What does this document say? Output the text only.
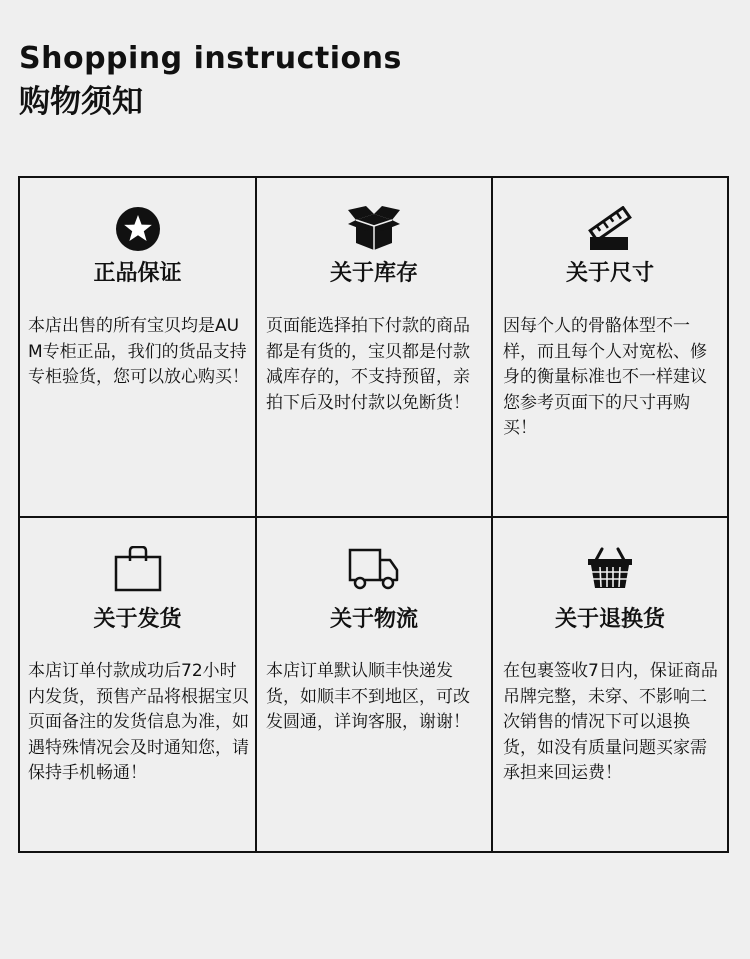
Shopping instructions
购物须知
正品保证
本店出售的所有宝贝均是AUM专柜正品，我们的货品支持专柜验货，您可以放心购买！
关于库存
页面能选择拍下付款的商品都是有货的，宝贝都是付款减库存的，不支持预留，亲拍下后及时付款以免断货！
关于尺寸
因每个人的骨骼体型不一样，而且每个人对宽松、修身的衡量标准也不一样建议您参考页面下的尺寸再购买！
关于发货
本店订单付款成功后72小时内发货，预售产品将根据宝贝页面备注的发货信息为准，如遇特殊情况会及时通知您，请保持手机畅通！
关于物流
本店订单默认顺丰快递发货，如顺丰不到地区，可改发圆通，详询客服，谢谢！
关于退换货
在包裹签收7日内，保证商品吊牌完整，未穿、不影响二次销售的情况下可以退换货，如没有质量问题买家需承担来回运费！
